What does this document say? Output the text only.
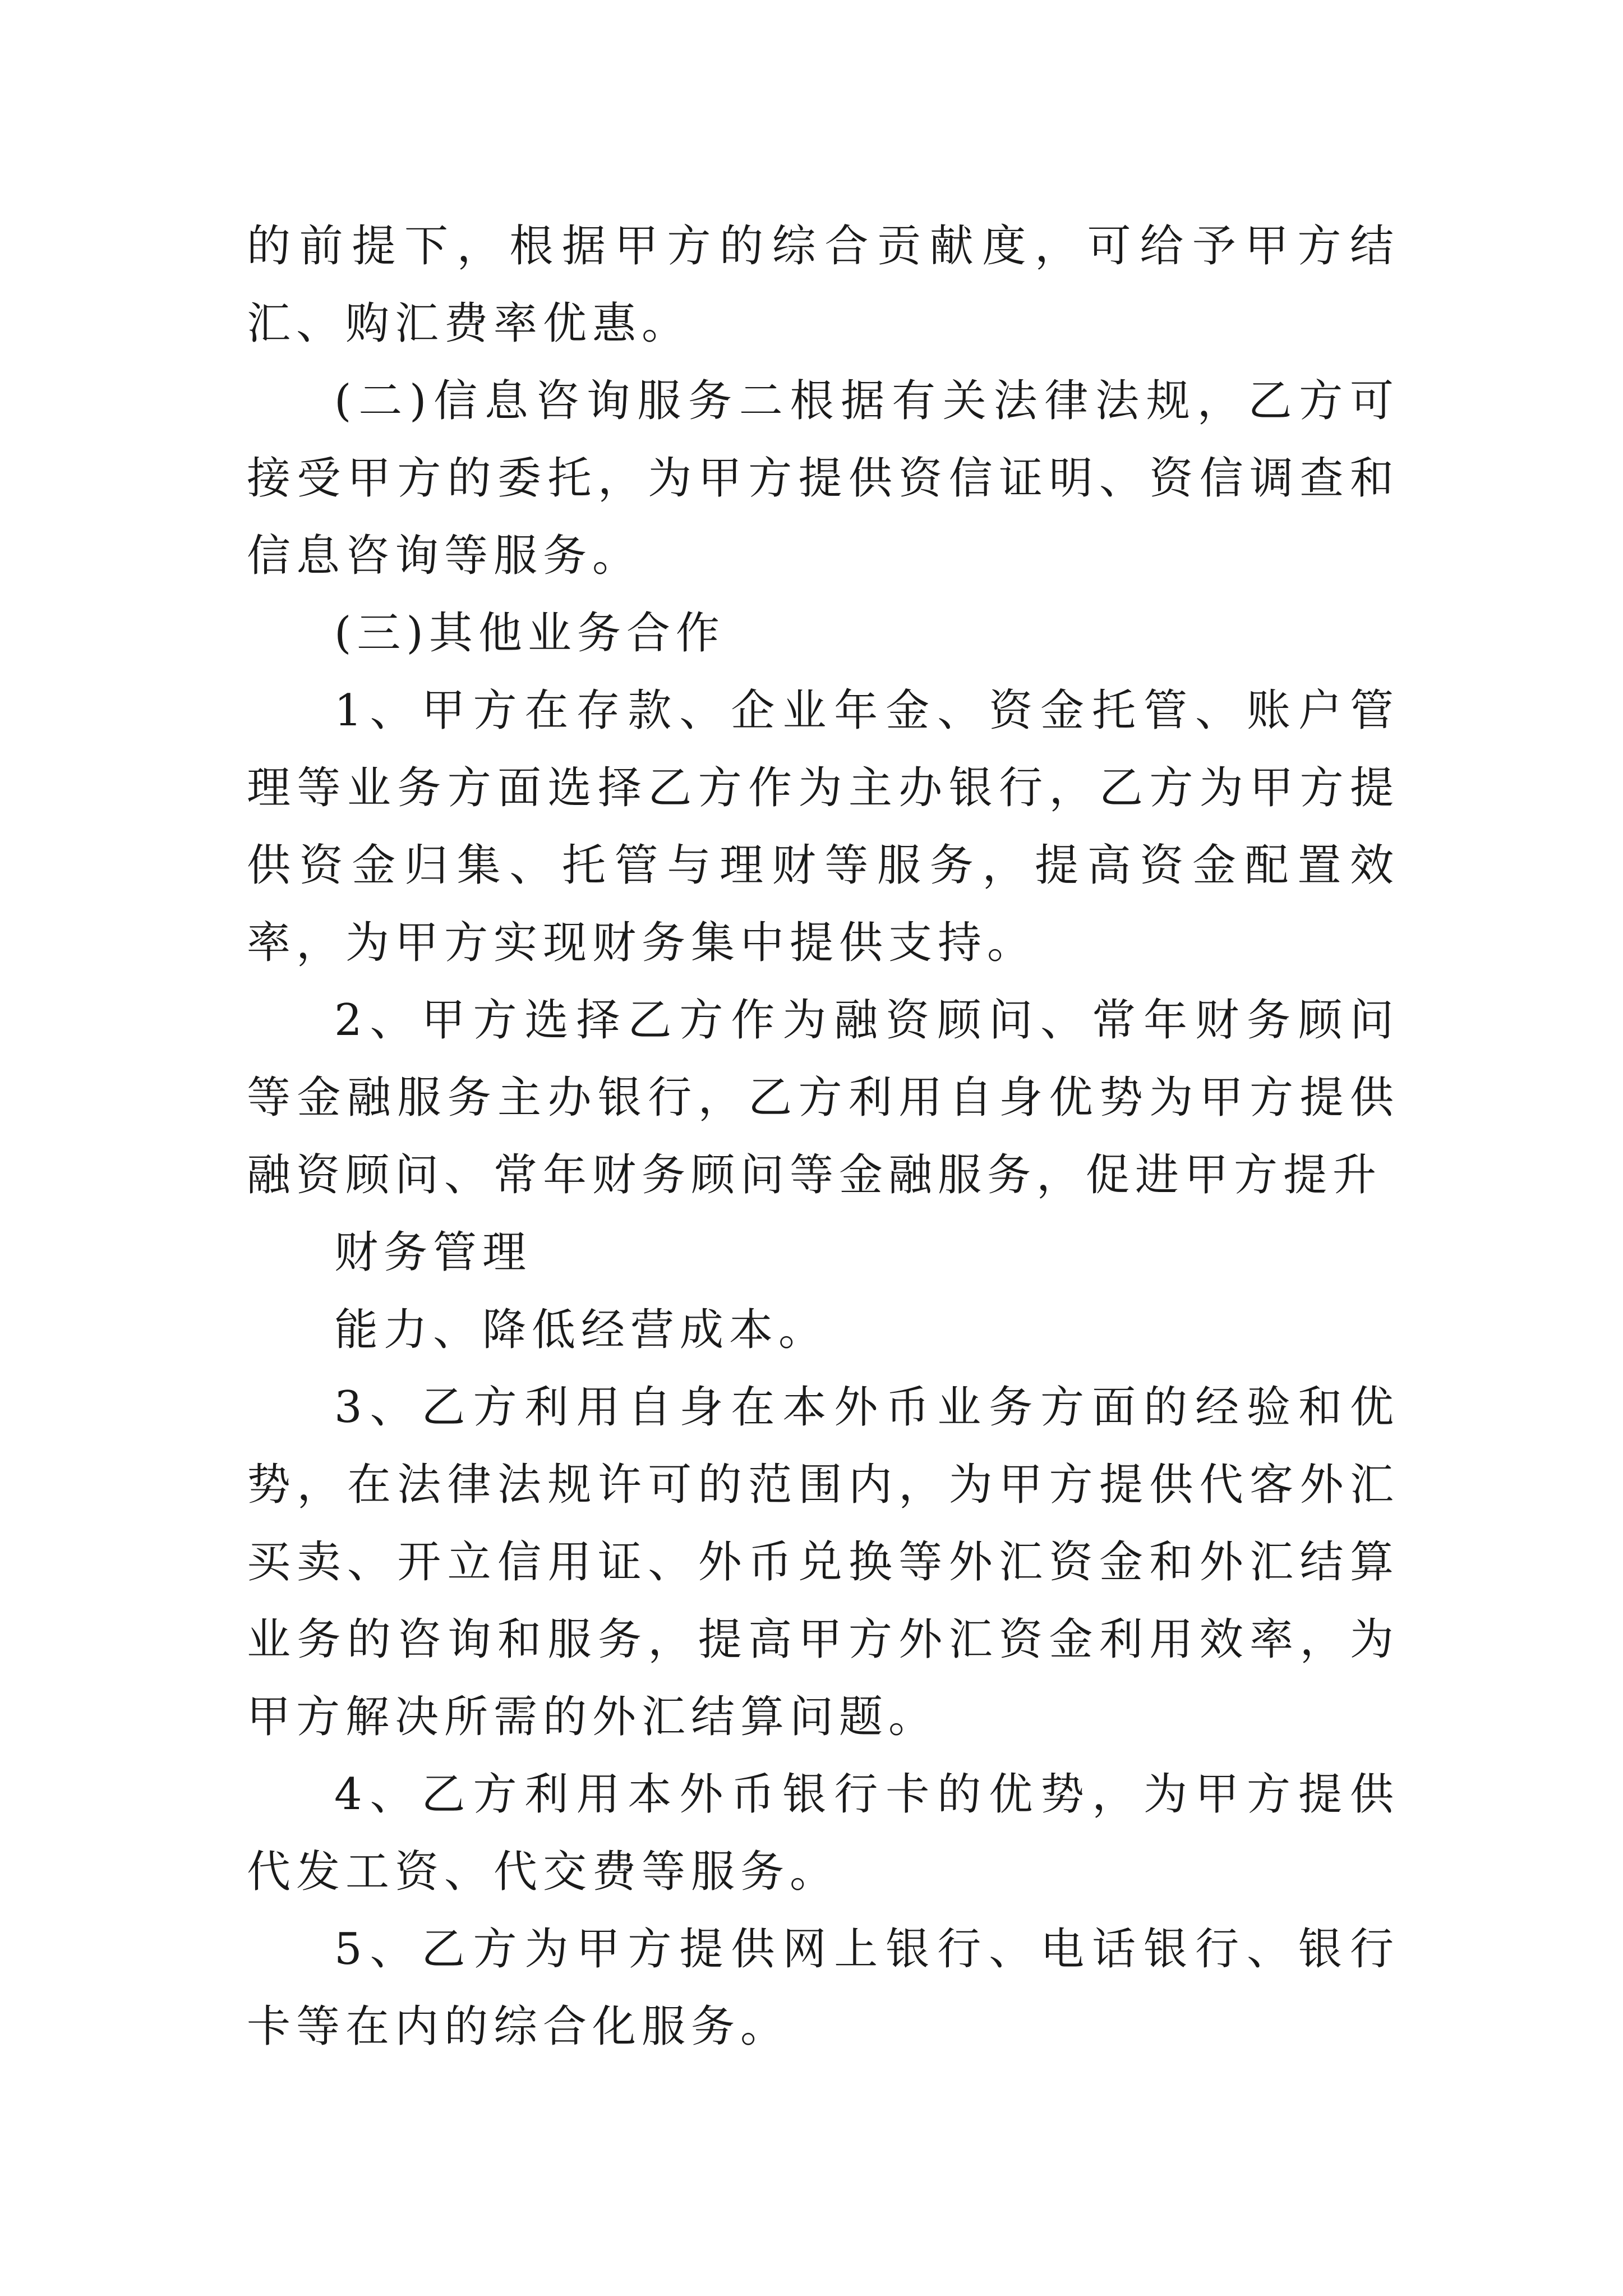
的前提下，根据甲方的综合贡献度，可给予甲方结汇、购汇费率优惠。

(二)信息咨询服务二根据有关法律法规，乙方可接受甲方的委托，为甲方提供资信证明、资信调查和信息咨询等服务。

(三)其他业务合作

1、甲方在存款、企业年金、资金托管、账户管理等业务方面选择乙方作为主办银行，乙方为甲方提供资金归集、托管与理财等服务，提高资金配置效率，为甲方实现财务集中提供支持。

2、甲方选择乙方作为融资顾问、常年财务顾问等金融服务主办银行，乙方利用自身优势为甲方提供融资顾问、常年财务顾问等金融服务，促进甲方提升

财务管理

能力、降低经营成本。

3、乙方利用自身在本外币业务方面的经验和优势，在法律法规许可的范围内，为甲方提供代客外汇买卖、开立信用证、外币兑换等外汇资金和外汇结算业务的咨询和服务，提高甲方外汇资金利用效率，为甲方解决所需的外汇结算问题。

4、乙方利用本外币银行卡的优势，为甲方提供代发工资、代交费等服务。

5、乙方为甲方提供网上银行、电话银行、银行卡等在内的综合化服务。
